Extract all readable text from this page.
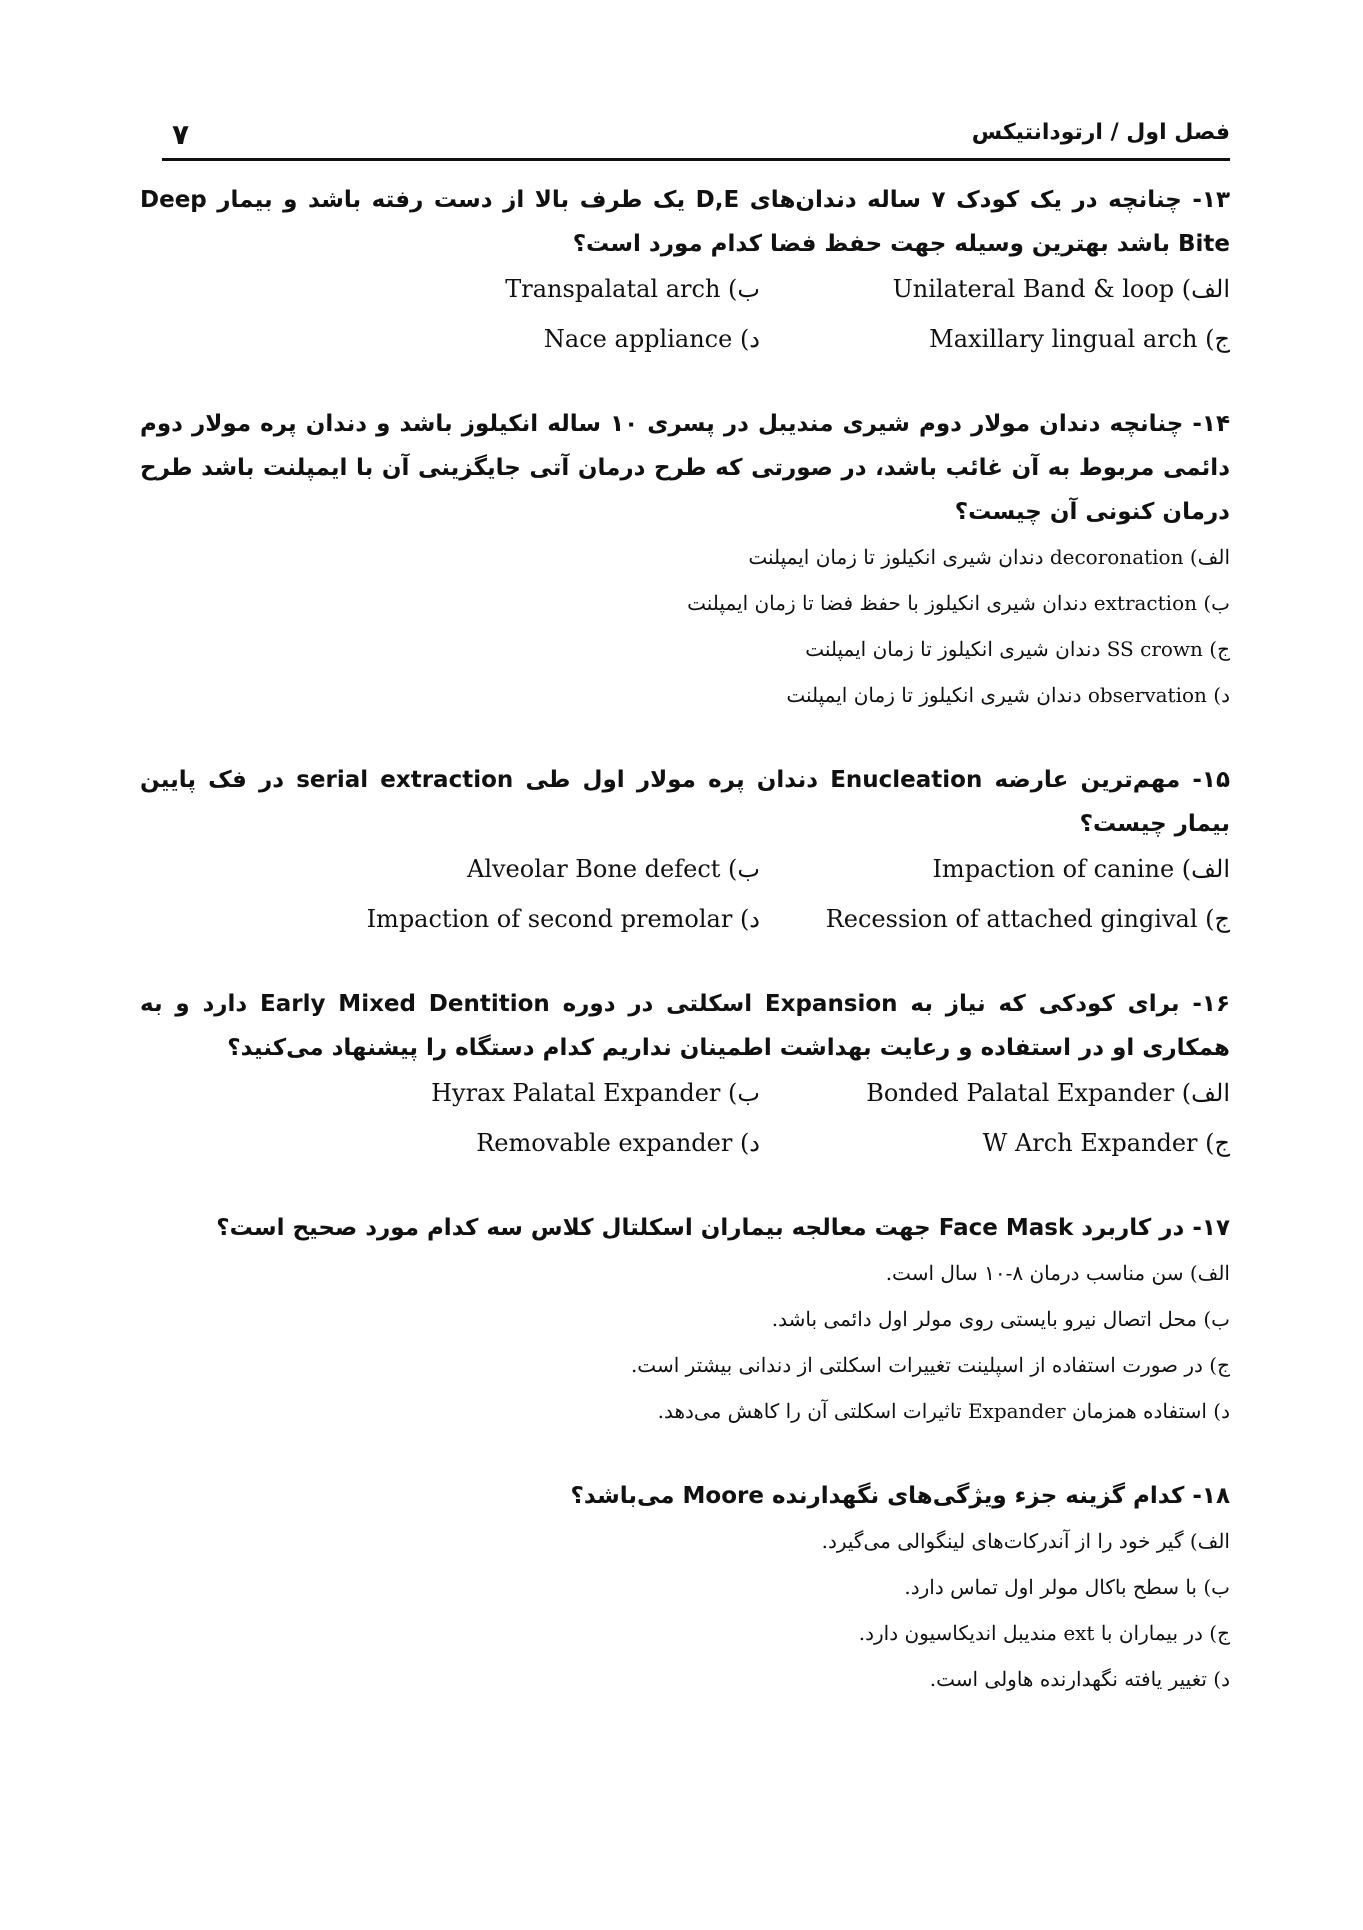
۷	فصل اول / ارتودانتیکس
۱۳- چنانچه در یک کودک ۷ ساله دندان‌های D,E یک طرف بالا از دست رفته باشد و بیمار Deep Bite باشد بهترین وسیله جهت حفظ فضا کدام مورد است؟
الف) Unilateral Band & loop
ب) Transpalatal arch
ج) Maxillary lingual arch
د) Nace appliance
۱۴- چنانچه دندان مولار دوم شیری مندیبل در پسری ۱۰ ساله انکیلوز باشد و دندان پره مولار دوم دائمی مربوط به آن غائب باشد، در صورتی که طرح درمان آتی جایگزینی آن با ایمپلنت باشد طرح درمان کنونی آن چیست؟
الف) decoronation دندان شیری انکیلوز تا زمان ایمپلنت
ب) extraction دندان شیری انکیلوز با حفظ فضا تا زمان ایمپلنت
ج) SS crown دندان شیری انکیلوز تا زمان ایمپلنت
د) observation دندان شیری انکیلوز تا زمان ایمپلنت
۱۵- مهم‌ترین عارضه Enucleation دندان پره مولار اول طی serial extraction در فک پایین بیمار چیست؟
الف) Impaction of canine
ب) Alveolar Bone defect
ج) Recession of attached gingival
د) Impaction of second premolar
۱۶- برای کودکی که نیاز به Expansion اسکلتی در دوره Early Mixed Dentition دارد و به همکاری او در استفاده و رعایت بهداشت اطمینان نداریم کدام دستگاه را پیشنهاد می‌کنید؟
الف) Bonded Palatal Expander
ب) Hyrax Palatal Expander
ج) W Arch Expander
د) Removable expander
۱۷- در کاربرد Face Mask جهت معالجه بیماران اسکلتال کلاس سه کدام مورد صحیح است؟
الف) سن مناسب درمان ۸-۱۰ سال است.
ب) محل اتصال نیرو بایستی روی مولر اول دائمی باشد.
ج) در صورت استفاده از اسپلینت تغییرات اسکلتی از دندانی بیشتر است.
د) استفاده همزمان Expander تاثیرات اسکلتی آن را کاهش می‌دهد.
۱۸- کدام گزینه جزء ویژگی‌های نگهدارنده Moore می‌باشد؟
الف) گیر خود را از آندرکات‌های لینگوالی می‌گیرد.
ب) با سطح باکال مولر اول تماس دارد.
ج) در بیماران با ext مندیبل اندیکاسیون دارد.
د) تغییر یافته نگهدارنده هاولی است.
